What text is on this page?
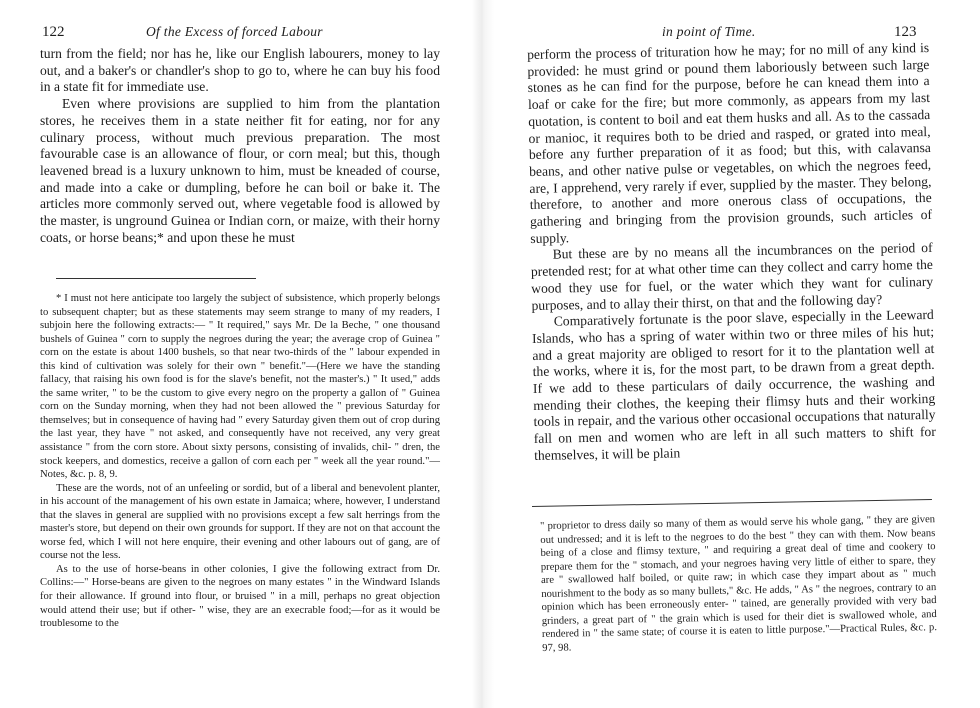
122	Of the Excess of forced Labour

turn from the field; nor has he, like our English labourers, money to lay out, and a baker's or chandler's shop to go to, where he can buy his food in a state fit for immediate use.

Even where provisions are supplied to him from the plantation stores, he receives them in a state neither fit for eating, nor for any culinary process, without much previous preparation. The most favourable case is an allowance of flour, or corn meal; but this, though leavened bread is a luxury unknown to him, must be kneaded of course, and made into a cake or dumpling, before he can boil or bake it. The articles more commonly served out, where vegetable food is allowed by the master, is unground Guinea or Indian corn, or maize, with their horny coats, or horse beans;* and upon these he must

* I must not here anticipate too largely the subject of subsistence, which properly belongs to subsequent chapter; but as these statements may seem strange to many of my readers, I subjoin here the following extracts:— " It required," says Mr. De la Beche, " one thousand bushels of Guinea " corn to supply the negroes during the year; the average crop of Guinea " corn on the estate is about 1400 bushels, so that near two-thirds of the " labour expended in this kind of cultivation was solely for their own " benefit."—(Here we have the standing fallacy, that raising his own food is for the slave's benefit, not the master's.) " It used," adds the same writer, " to be the custom to give every negro on the property a gallon of " Guinea corn on the Sunday morning, when they had not been allowed the " previous Saturday for themselves; but in consequence of having had " every Saturday given them out of crop during the last year, they have " not asked, and consequently have not received, any very great assistance " from the corn store. About sixty persons, consisting of invalids, chil- " dren, the stock keepers, and domestics, receive a gallon of corn each per " week all the year round."—Notes, &c. p. 8, 9.

These are the words, not of an unfeeling or sordid, but of a liberal and benevolent planter, in his account of the management of his own estate in Jamaica; where, however, I understand that the slaves in general are supplied with no provisions except a few salt herrings from the master's store, but depend on their own grounds for support. If they are not on that account the worse fed, which I will not here enquire, their evening and other labours out of gang, are of course not the less.

As to the use of horse-beans in other colonies, I give the following extract from Dr. Collins:—" Horse-beans are given to the negroes on many estates " in the Windward Islands for their allowance. If ground into flour, or bruised " in a mill, perhaps no great objection would attend their use; but if other- " wise, they are an execrable food;—for as it would be troublesome to the

in point of Time.	123

perform the process of trituration how he may; for no mill of any kind is provided: he must grind or pound them laboriously between such large stones as he can find for the purpose, before he can knead them into a loaf or cake for the fire; but more commonly, as appears from my last quotation, is content to boil and eat them husks and all. As to the cassada or manioc, it requires both to be dried and rasped, or grated into meal, before any further preparation of it as food; but this, with calavansa beans, and other native pulse or vegetables, on which the negroes feed, are, I apprehend, very rarely if ever, supplied by the master. They belong, therefore, to another and more onerous class of occupations, the gathering and bringing from the provision grounds, such articles of supply.

But these are by no means all the incumbrances on the period of pretended rest; for at what other time can they collect and carry home the wood they use for fuel, or the water which they want for culinary purposes, and to allay their thirst, on that and the following day?

Comparatively fortunate is the poor slave, especially in the Leeward Islands, who has a spring of water within two or three miles of his hut; and a great majority are obliged to resort for it to the plantation well at the works, where it is, for the most part, to be drawn from a great depth. If we add to these particulars of daily occurrence, the washing and mending their clothes, the keeping their flimsy huts and their working tools in repair, and the various other occasional occupations that naturally fall on men and women who are left in all such matters to shift for themselves, it will be plain

" proprietor to dress daily so many of them as would serve his whole gang, " they are given out undressed; and it is left to the negroes to do the best " they can with them. Now beans being of a close and flimsy texture, " and requiring a great deal of time and cookery to prepare them for the " stomach, and your negroes having very little of either to spare, they are " swallowed half boiled, or quite raw; in which case they impart about as " much nourishment to the body as so many bullets," &c. He adds, " As " the negroes, contrary to an opinion which has been erroneously enter- " tained, are generally provided with very bad grinders, a great part of " the grain which is used for their diet is swallowed whole, and rendered in " the same state; of course it is eaten to little purpose."—Practical Rules, &c. p. 97, 98.
